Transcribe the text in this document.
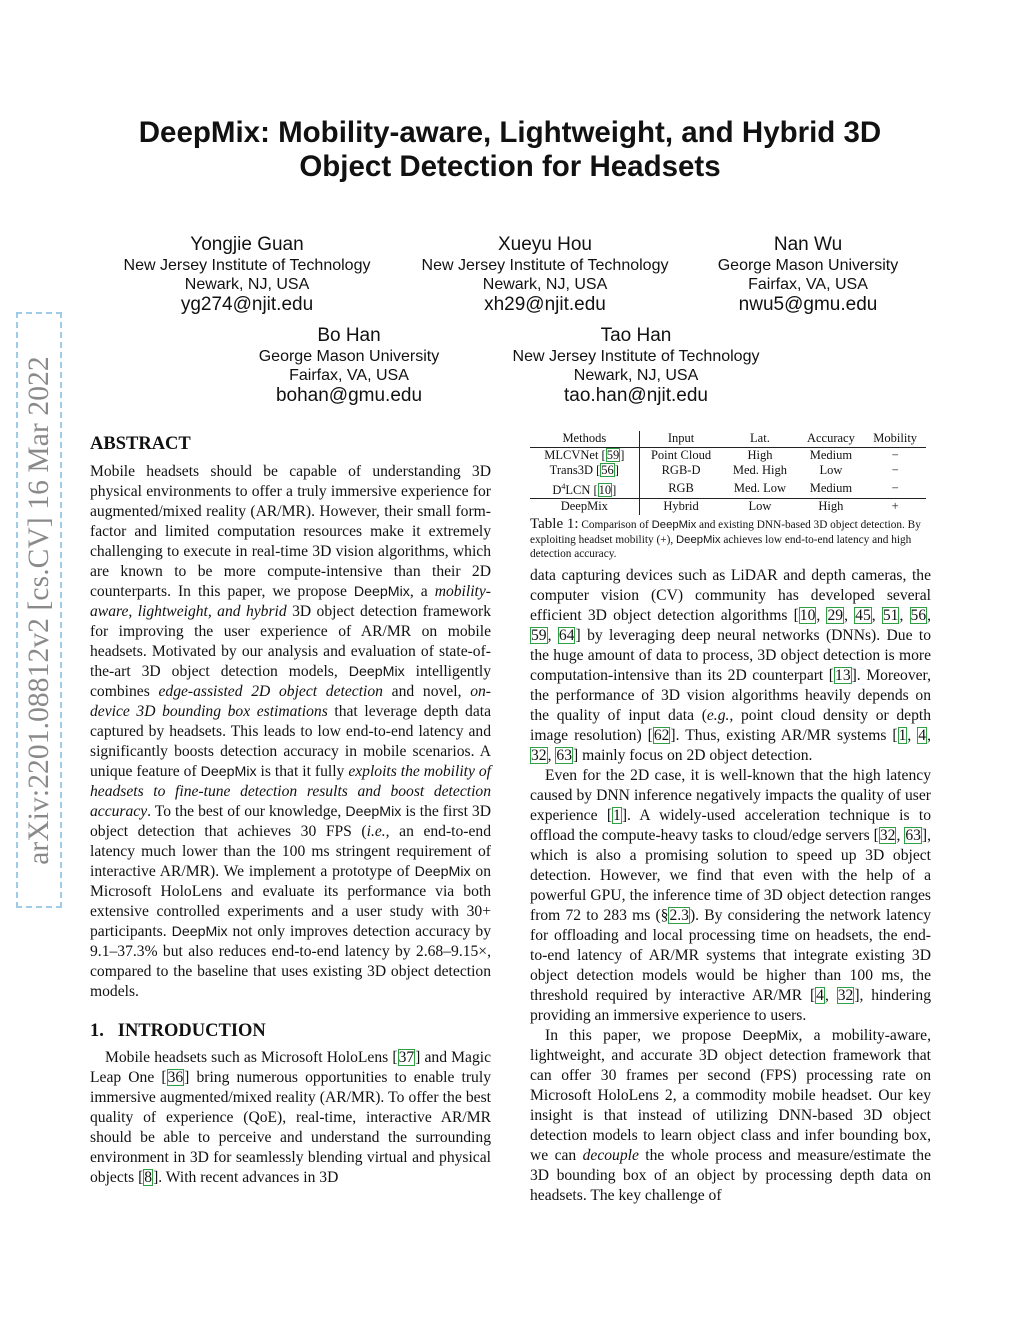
arXiv:2201.08812v2 [cs.CV] 16 Mar 2022
DeepMix: Mobility-aware, Lightweight, and Hybrid 3D
Object Detection for Headsets
Yongjie Guan
New Jersey Institute of Technology
Newark, NJ, USA
yg274@njit.edu
Xueyu Hou
New Jersey Institute of Technology
Newark, NJ, USA
xh29@njit.edu
Nan Wu
George Mason University
Fairfax, VA, USA
nwu5@gmu.edu
Bo Han
George Mason University
Fairfax, VA, USA
bohan@gmu.edu
Tao Han
New Jersey Institute of Technology
Newark, NJ, USA
tao.han@njit.edu
ABSTRACT

Mobile headsets should be capable of understanding 3D physical environments to offer a truly immersive experience for augmented/mixed reality (AR/MR). However, their small form-factor and limited computation resources make it extremely challenging to execute in real-time 3D vision algorithms, which are known to be more compute-intensive than their 2D counterparts. In this paper, we propose DeepMix, a mobility-aware, lightweight, and hybrid 3D object detection framework for improving the user experience of AR/MR on mobile headsets. Motivated by our analysis and evaluation of state-of-the-art 3D object detection models, DeepMix intelligently combines edge-assisted 2D object detection and novel, on-device 3D bounding box estimations that leverage depth data captured by headsets. This leads to low end-to-end latency and significantly boosts detection accuracy in mobile scenarios. A unique feature of DeepMix is that it fully exploits the mobility of headsets to fine-tune detection results and boost detection accuracy. To the best of our knowledge, DeepMix is the first 3D object detection that achieves 30 FPS (i.e., an end-to-end latency much lower than the 100 ms stringent requirement of interactive AR/MR). We implement a prototype of DeepMix on Microsoft HoloLens and evaluate its performance via both extensive controlled experiments and a user study with 30+ participants. DeepMix not only improves detection accuracy by 9.1–37.3% but also reduces end-to-end latency by 2.68–9.15×, compared to the baseline that uses existing 3D object detection models.

1. INTRODUCTION

Mobile headsets such as Microsoft HoloLens [37] and Magic Leap One [36] bring numerous opportunities to enable truly immersive augmented/mixed reality (AR/MR). To offer the best quality of experience (QoE), real-time, interactive AR/MR should be able to perceive and understand the surrounding environment in 3D for seamlessly blending virtual and physical objects [8]. With recent advances in 3D

Methods	Input	Lat.	Accuracy	Mobility
MLCVNet [59]	Point Cloud	High	Medium	−
Trans3D [56]	RGB-D	Med. High	Low	−
$D^4LCN$ [10]	RGB	Med. Low	Medium	−
DeepMix	Hybrid	Low	High	+
Table 1: Comparison of DeepMix and existing DNN-based 3D object detection. By exploiting headset mobility (+), DeepMix achieves low end-to-end latency and high detection accuracy.

data capturing devices such as LiDAR and depth cameras, the computer vision (CV) community has developed several efficient 3D object detection algorithms [10, 29, 45, 51, 56, 59, 64] by leveraging deep neural networks (DNNs). Due to the huge amount of data to process, 3D object detection is more computation-intensive than its 2D counterpart [13]. Moreover, the performance of 3D vision algorithms heavily depends on the quality of input data (e.g., point cloud density or depth image resolution) [62]. Thus, existing AR/MR systems [1, 4, 32, 63] mainly focus on 2D object detection.

Even for the 2D case, it is well-known that the high latency caused by DNN inference negatively impacts the quality of user experience [1]. A widely-used acceleration technique is to offload the compute-heavy tasks to cloud/edge servers [32, 63], which is also a promising solution to speed up 3D object detection. However, we find that even with the help of a powerful GPU, the inference time of 3D object detection ranges from 72 to 283 ms (§2.3). By considering the network latency for offloading and local processing time on headsets, the end-to-end latency of AR/MR systems that integrate existing 3D object detection models would be higher than 100 ms, the threshold required by interactive AR/MR [4, 32], hindering providing an immersive experience to users.

In this paper, we propose DeepMix, a mobility-aware, lightweight, and accurate 3D object detection framework that can offer 30 frames per second (FPS) processing rate on Microsoft HoloLens 2, a commodity mobile headset. Our key insight is that instead of utilizing DNN-based 3D object detection models to learn object class and infer bounding box, we can decouple the whole process and measure/estimate the 3D bounding box of an object by processing depth data on headsets. The key challenge of
